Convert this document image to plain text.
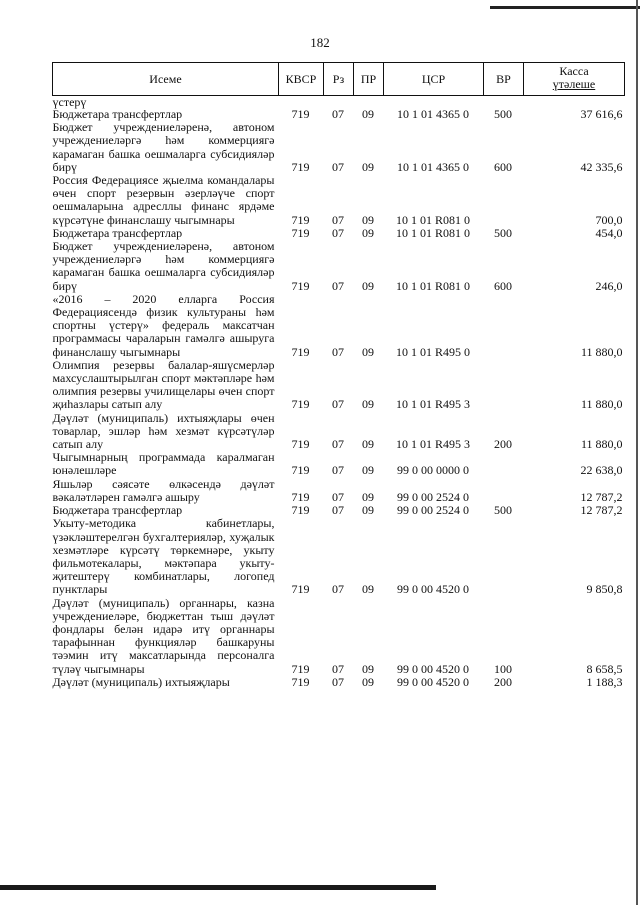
182
Исеме	КВСР	Рз	ПР	ЦСР	ВР	Касса
үтәлеше

үстерү						
Бюджетара трансфертлар	719	07	09	10 1 01 4365 0	500	37 616,6
Бюджет учреждениеләренә, автоном учреждениеләргә һәм коммерциягә карамаган башка оешмаларга субсидияләр бирү	719	07	09	10 1 01 4365 0	600	42 335,6
Россия Федерациясе җыелма командалары өчен спорт резервын әзерләүче спорт оешмаларына адресллы финанс ярдәме күрсәтүне финанслашу чыгымнары	719	07	09	10 1 01 R081 0		700,0
Бюджетара трансфертлар	719	07	09	10 1 01 R081 0	500	454,0
Бюджет учреждениеләренә, автоном учреждениеләргә һәм коммерциягә карамаган башка оешмаларга субсидияләр бирү	719	07	09	10 1 01 R081 0	600	246,0
«2016 – 2020 елларга Россия Федерациясендә физик культураны һәм спортны үстерү» федераль максатчан программасы чараларын гамәлгә ашыруга финанслашу чыгымнары	719	07	09	10 1 01 R495 0		11 880,0
Олимпия резервы балалар-яшүсмерләр махсуслаштырылган спорт мәктәпләре һәм олимпия резервы училищелары өчен спорт җиһазлары сатып алу	719	07	09	10 1 01 R495 3		11 880,0
Дәүләт (муниципаль) ихтыяҗлары өчен товарлар, эшләр һәм хезмәт күрсәтүләр сатып алу	719	07	09	10 1 01 R495 3	200	11 880,0
Чыгымнарның программада каралмаган юнәлешләре	719	07	09	99 0 00 0000 0		22 638,0
Яшьләр сәясәте өлкәсендә дәүләт вәкаләтләрен гамәлгә ашыру	719	07	09	99 0 00 2524 0		12 787,2
Бюджетара трансфертлар	719	07	09	99 0 00 2524 0	500	12 787,2
Укыту-методика кабинетлары, үзәкләштерелгән бухгалтерияләр, хуҗалык хезмәтләре күрсәтү төркемнәре, укыту фильмотекалары, мәктәпара укыту-җитештерү комбинатлары, логопед пунктлары	719	07	09	99 0 00 4520 0		9 850,8
Дәүләт (муниципаль) органнары, казна учреждениеләре, бюджеттан тыш дәүләт фондлары белән идарә итү органнары тарафыннан функцияләр башкаруны тәэмин итү максатларында персоналга түләү чыгымнары	719	07	09	99 0 00 4520 0	100	8 658,5
Дәүләт (муниципаль) ихтыяҗлары	719	07	09	99 0 00 4520 0	200	1 188,3
